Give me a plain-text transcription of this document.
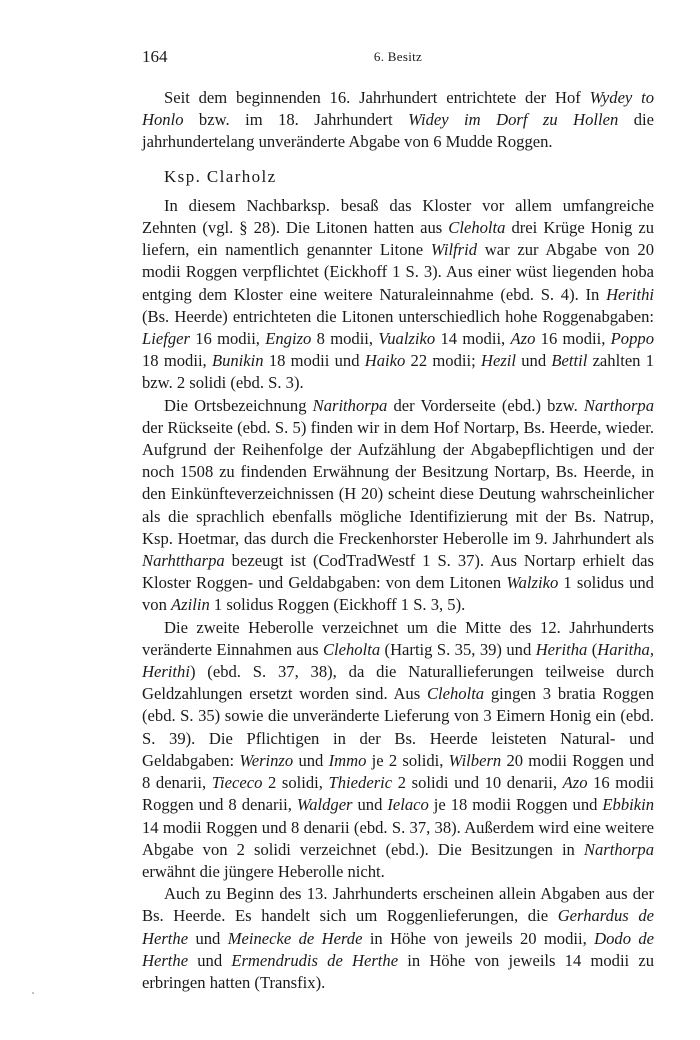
164	6. Besitz

Seit dem beginnenden 16. Jahrhundert entrichtete der Hof Wydey to Honlo bzw. im 18. Jahrhundert Widey im Dorf zu Hollen die jahrhundertelang unveränderte Abgabe von 6 Mudde Roggen.

Ksp. Clarholz

In diesem Nachbarksp. besaß das Kloster vor allem umfangreiche Zehnten (vgl. § 28). Die Litonen hatten aus Cleholta drei Krüge Honig zu liefern, ein namentlich genannter Litone Wilfrid war zur Abgabe von 20 modii Roggen verpflichtet (Eickhoff 1 S. 3). Aus einer wüst liegenden hoba entging dem Kloster eine weitere Naturaleinnahme (ebd. S. 4). In Herithi (Bs. Heerde) entrichteten die Litonen unterschiedlich hohe Roggenabgaben: Liefger 16 modii, Engizo 8 modii, Vualziko 14 modii, Azo 16 modii, Poppo 18 modii, Bunikin 18 modii und Haiko 22 modii; Hezil und Bettil zahlten 1 bzw. 2 solidi (ebd. S. 3).

Die Ortsbezeichnung Narithorpa der Vorderseite (ebd.) bzw. Narthorpa der Rückseite (ebd. S. 5) finden wir in dem Hof Nortarp, Bs. Heerde, wieder. Aufgrund der Reihenfolge der Aufzählung der Abgabepflichtigen und der noch 1508 zu findenden Erwähnung der Besitzung Nortarp, Bs. Heerde, in den Einkünfteverzeichnissen (H 20) scheint diese Deutung wahrscheinlicher als die sprachlich ebenfalls mögliche Identifizierung mit der Bs. Natrup, Ksp. Hoetmar, das durch die Freckenhorster Heberolle im 9. Jahrhundert als Narhttharpa bezeugt ist (CodTradWestf 1 S. 37). Aus Nortarp erhielt das Kloster Roggen- und Geldabgaben: von dem Litonen Walziko 1 solidus und von Azilin 1 solidus Roggen (Eickhoff 1 S. 3, 5).

Die zweite Heberolle verzeichnet um die Mitte des 12. Jahrhunderts veränderte Einnahmen aus Cleholta (Hartig S. 35, 39) und Heritha (Haritha, Herithi) (ebd. S. 37, 38), da die Naturallieferungen teilweise durch Geldzahlungen ersetzt worden sind. Aus Cleholta gingen 3 bratia Roggen (ebd. S. 35) sowie die unveränderte Lieferung von 3 Eimern Honig ein (ebd. S. 39). Die Pflichtigen in der Bs. Heerde leisteten Natural- und Geldabgaben: Werinzo und Immo je 2 solidi, Wilbern 20 modii Roggen und 8 denarii, Tiececo 2 solidi, Thiederic 2 solidi und 10 denarii, Azo 16 modii Roggen und 8 denarii, Waldger und Ielaco je 18 modii Roggen und Ebbikin 14 modii Roggen und 8 denarii (ebd. S. 37, 38). Außerdem wird eine weitere Abgabe von 2 solidi verzeichnet (ebd.). Die Besitzungen in Narthorpa erwähnt die jüngere Heberolle nicht.

Auch zu Beginn des 13. Jahrhunderts erscheinen allein Abgaben aus der Bs. Heerde. Es handelt sich um Roggenlieferungen, die Gerhardus de Herthe und Meinecke de Herde in Höhe von jeweils 20 modii, Dodo de Herthe und Ermendrudis de Herthe in Höhe von jeweils 14 modii zu erbringen hatten (Transfix).
